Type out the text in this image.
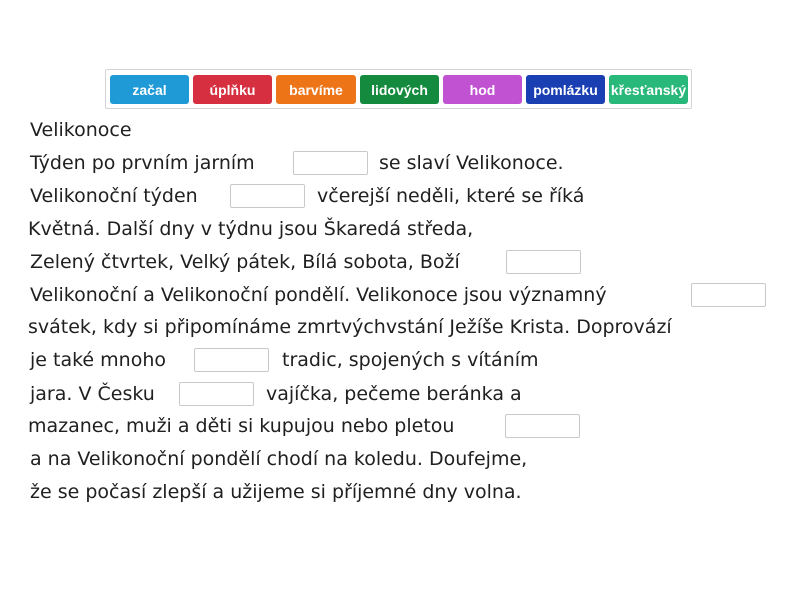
začal	úplňku	barvíme	lidových	hod	pomlázku křesťanský
Velikonoce
Týden po prvním jarním	se slaví Velikonoce.
Velikonoční týden	včerejší neděli, které se říká
Květná. Další dny v týdnu jsou Škaredá středa,
Zelený čtvrtek, Velký pátek, Bílá sobota, Boží
Velikonoční a Velikonoční pondělí. Velikonoce jsou významný
svátek, kdy si připomínáme zmrtvýchvstání Ježíše Krista. Doprovází
je také mnoho	tradic, spojených s vítáním
jara. V Česku	vajíčka, pečeme beránka a
mazanec, muži a děti si kupujou nebo pletou
a na Velikonoční pondělí chodí na koledu. Doufejme,
že se počasí zlepší a užijeme si příjemné dny volna.
